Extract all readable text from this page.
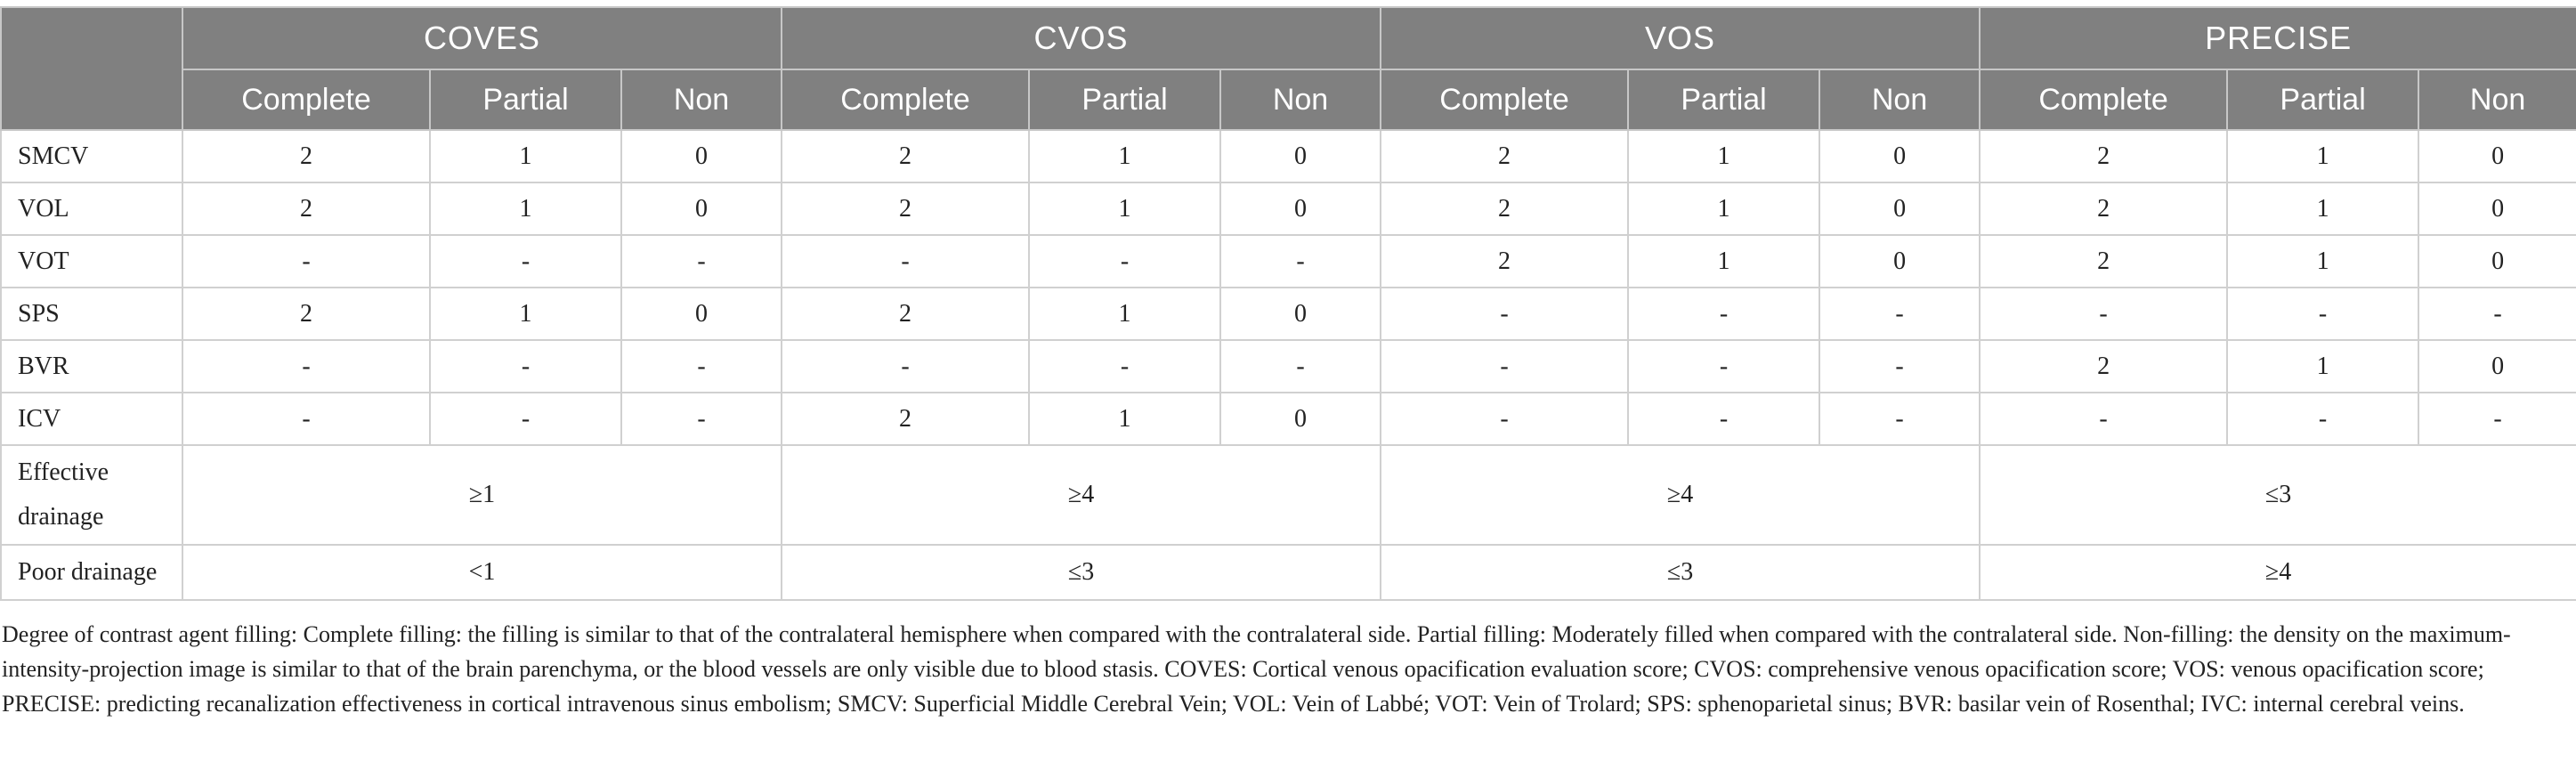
	COVES			CVOS			VOS			PRECISE		
	Complete	Partial	Non	Complete	Partial	Non	Complete	Partial	Non	Complete	Partial	Non
SMCV	2	1	0	2	1	0	2	1	0	2	1	0
VOL	2	1	0	2	1	0	2	1	0	2	1	0
VOT	-	-	-	-	-	-	2	1	0	2	1	0
SPS	2	1	0	2	1	0	-	-	-	-	-	-
BVR	-	-	-	-	-	-	-	-	-	2	1	0
ICV	-	-	-	2	1	0	-	-	-	-	-	-
Effective drainage	≥1			≥4			≥4			≤3		
Poor drainage	<1			≤3			≤3			≥4		

Degree of contrast agent filling: Complete filling: the filling is similar to that of the contralateral hemisphere when compared with the contralateral side. Partial filling: Moderately filled when compared with the contralateral side. Non-filling: the density on the maximum-intensity-projection image is similar to that of the brain parenchyma, or the blood vessels are only visible due to blood stasis. COVES: Cortical venous opacification evaluation score; CVOS: comprehensive venous opacification score; VOS: venous opacification score; PRECISE: predicting recanalization effectiveness in cortical intravenous sinus embolism; SMCV: Superficial Middle Cerebral Vein; VOL: Vein of Labbé; VOT: Vein of Trolard; SPS: sphenoparietal sinus; BVR: basilar vein of Rosenthal; IVC: internal cerebral veins.
